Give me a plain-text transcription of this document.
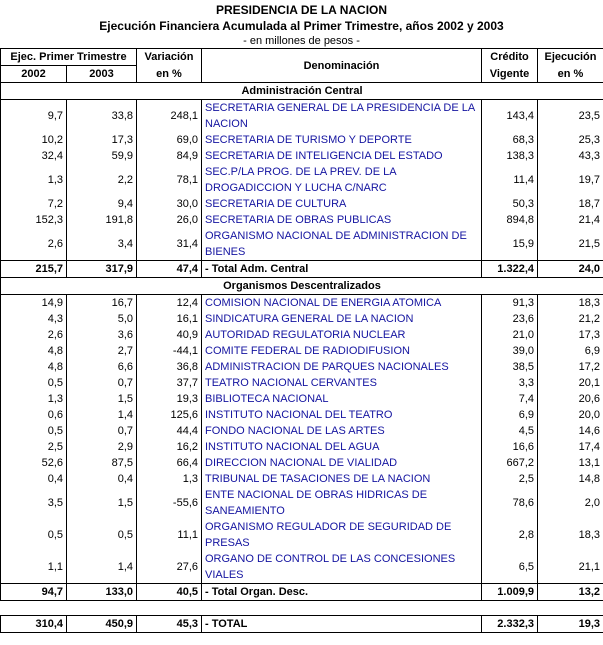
PRESIDENCIA DE LA NACION
Ejecución Financiera Acumulada al Primer Trimestre, años 2002 y 2003
- en millones de pesos -
Ejec. Primer Trimestre		Variación	Denominación	Crédito	Ejecución
2002	2003	en %		Vigente	en %
Administración Central					
9,7	33,8	248,1	SECRETARIA GENERAL DE LA PRESIDENCIA DE LA NACION	143,4	23,5
10,2	17,3	69,0	SECRETARIA DE TURISMO Y DEPORTE	68,3	25,3
32,4	59,9	84,9	SECRETARIA DE INTELIGENCIA DEL ESTADO	138,3	43,3
1,3	2,2	78,1	SEC.P/LA PROG. DE LA PREV. DE LA DROGADICCION Y LUCHA C/NARC	11,4	19,7
7,2	9,4	30,0	SECRETARIA DE CULTURA	50,3	18,7
152,3	191,8	26,0	SECRETARIA DE OBRAS PUBLICAS	894,8	21,4
2,6	3,4	31,4	ORGANISMO NACIONAL DE ADMINISTRACION DE BIENES	15,9	21,5
215,7	317,9	47,4	- Total Adm. Central	1.322,4	24,0
Organismos Descentralizados					
14,9	16,7	12,4	COMISION NACIONAL DE ENERGIA ATOMICA	91,3	18,3
4,3	5,0	16,1	SINDICATURA GENERAL DE LA NACION	23,6	21,2
2,6	3,6	40,9	AUTORIDAD REGULATORIA NUCLEAR	21,0	17,3
4,8	2,7	-44,1	COMITE FEDERAL DE RADIODIFUSION	39,0	6,9
4,8	6,6	36,8	ADMINISTRACION DE PARQUES NACIONALES	38,5	17,2
0,5	0,7	37,7	TEATRO NACIONAL CERVANTES	3,3	20,1
1,3	1,5	19,3	BIBLIOTECA NACIONAL	7,4	20,6
0,6	1,4	125,6	INSTITUTO NACIONAL DEL TEATRO	6,9	20,0
0,5	0,7	44,4	FONDO NACIONAL DE LAS ARTES	4,5	14,6
2,5	2,9	16,2	INSTITUTO NACIONAL DEL AGUA	16,6	17,4
52,6	87,5	66,4	DIRECCION NACIONAL DE VIALIDAD	667,2	13,1
0,4	0,4	1,3	TRIBUNAL DE TASACIONES DE LA NACION	2,5	14,8
3,5	1,5	-55,6	ENTE NACIONAL DE OBRAS HIDRICAS DE SANEAMIENTO	78,6	2,0
0,5	0,5	11,1	ORGANISMO REGULADOR DE SEGURIDAD DE PRESAS	2,8	18,3
1,1	1,4	27,6	ORGANO DE CONTROL DE LAS CONCESIONES VIALES	6,5	21,1
94,7	133,0	40,5	- Total Organ. Desc.	1.009,9	13,2

310,4	450,9	45,3	- TOTAL	2.332,3	19,3
